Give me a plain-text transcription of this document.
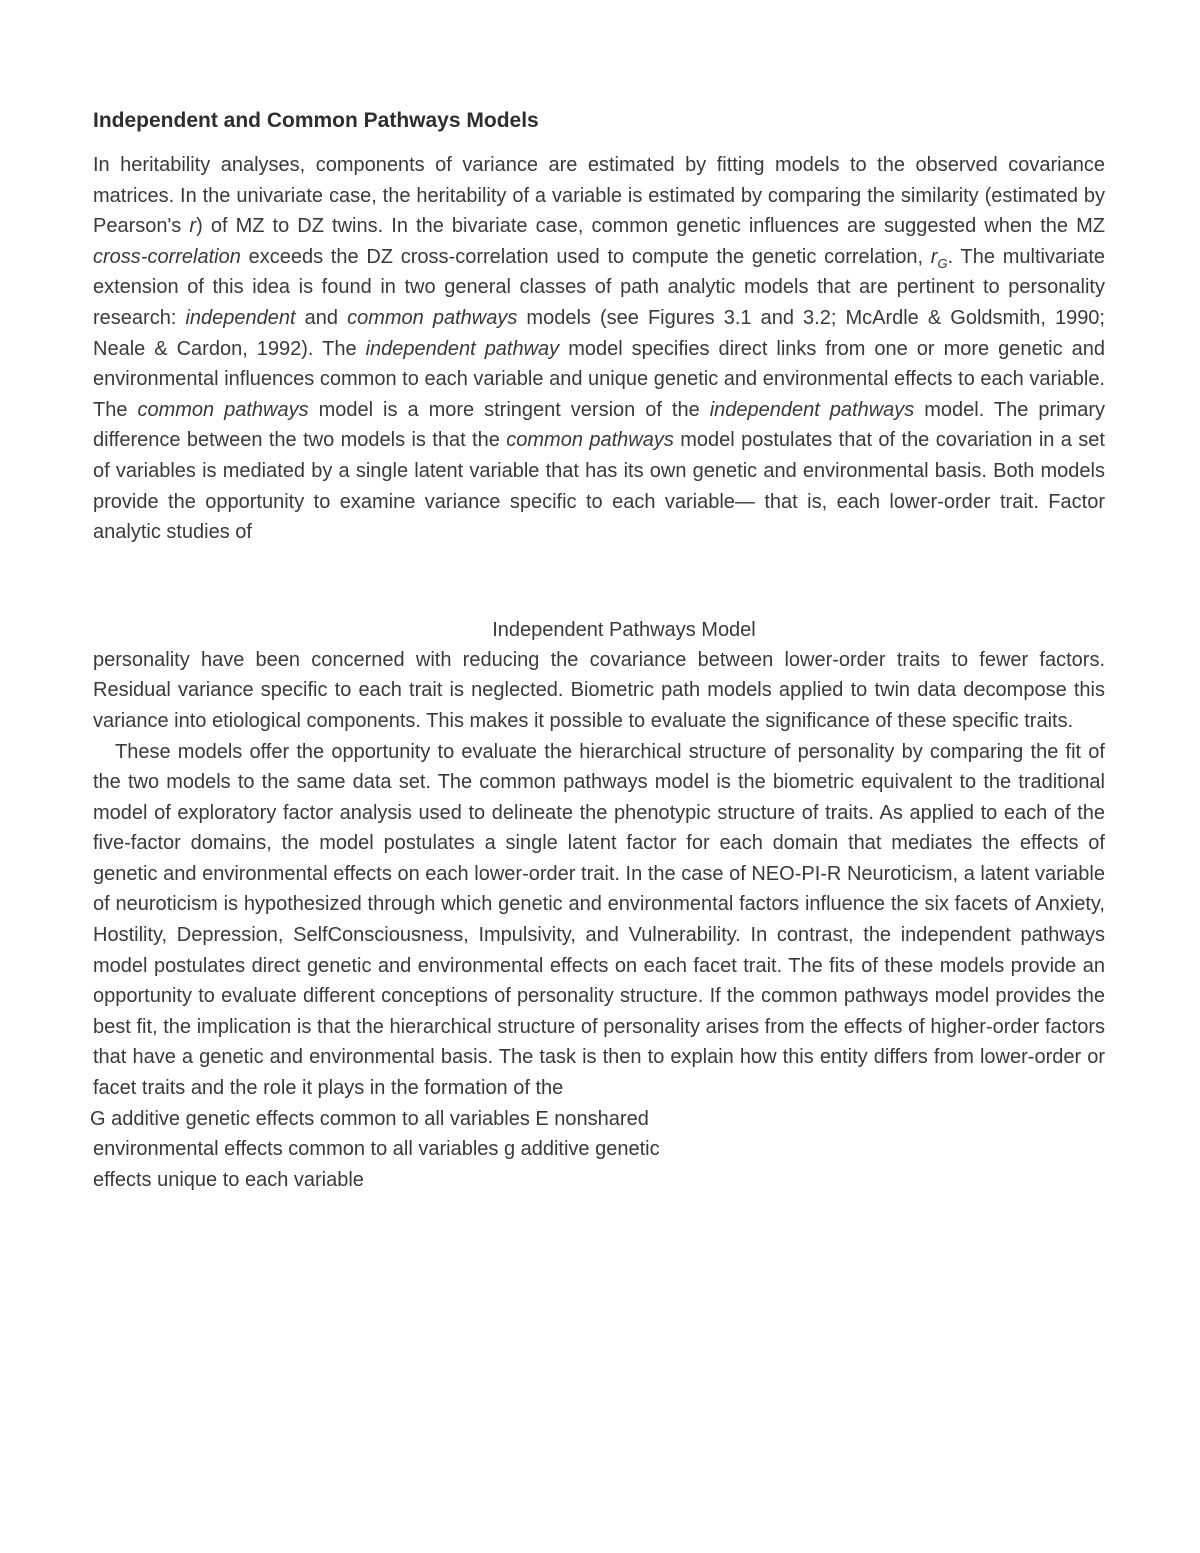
Independent and Common Pathways Models

In heritability analyses, components of variance are estimated by fitting models to the observed covariance matrices. In the univariate case, the heritability of a variable is estimated by comparing the similarity (estimated by Pearson's r) of MZ to DZ twins. In the bivariate case, common genetic influences are suggested when the MZ cross-correlation exceeds the DZ cross-correlation used to compute the genetic correlation, $r_G$. The multivariate extension of this idea is found in two general classes of path analytic models that are pertinent to personality research: independent and common pathways models (see Figures 3.1 and 3.2; McArdle & Goldsmith, 1990; Neale & Cardon, 1992). The independent pathway model specifies direct links from one or more genetic and environmental influences common to each variable and unique genetic and environmental effects to each variable. The common pathways model is a more stringent version of the independent pathways model. The primary difference between the two models is that the common pathways model postulates that of the covariation in a set of variables is mediated by a single latent variable that has its own genetic and environmental basis. Both models provide the opportunity to examine variance specific to each variable— that is, each lower-order trait. Factor analytic studies of

Independent Pathways Model

personality have been concerned with reducing the covariance between lower-order traits to fewer factors. Residual variance specific to each trait is neglected. Biometric path models applied to twin data decompose this variance into etiological components. This makes it possible to evaluate the significance of these specific traits.

These models offer the opportunity to evaluate the hierarchical structure of personality by comparing the fit of the two models to the same data set. The common pathways model is the biometric equivalent to the traditional model of exploratory factor analysis used to delineate the phenotypic structure of traits. As applied to each of the five-factor domains, the model postulates a single latent factor for each domain that mediates the effects of genetic and environmental effects on each lower-order trait. In the case of NEO-PI-R Neuroticism, a latent variable of neuroticism is hypothesized through which genetic and environmental factors influence the six facets of Anxiety, Hostility, Depression, SelfConsciousness, Impulsivity, and Vulnerability. In contrast, the independent pathways model postulates direct genetic and environmental effects on each facet trait. The fits of these models provide an opportunity to evaluate different conceptions of personality structure. If the common pathways model provides the best fit, the implication is that the hierarchical structure of personality arises from the effects of higher-order factors that have a genetic and environmental basis. The task is then to explain how this entity differs from lower-order or facet traits and the role it plays in the formation of the

G additive genetic effects common to all variables E nonshared
environmental effects common to all variables g additive genetic
effects unique to each variable
